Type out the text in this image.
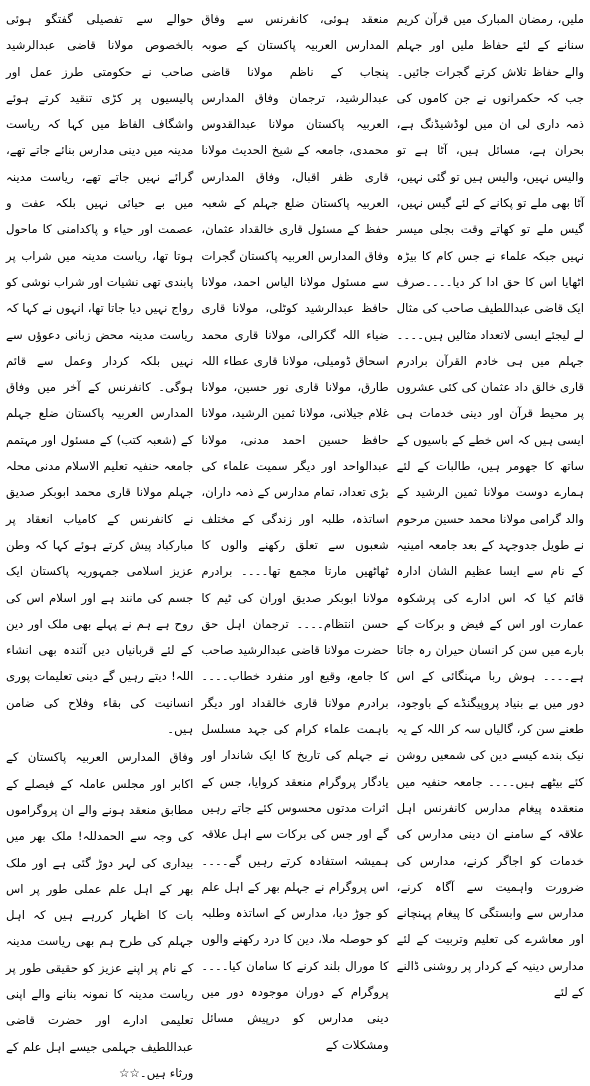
ملیں، رمضان المبارک میں قرآن کریم سنانے کے لئے حفاظ ملیں اور جہلم والے حفاظ تلاش کرتے گجرات جائیں۔ جب کہ حکمرانوں نے جن کاموں کی ذمہ داری لی ان میں لوڈشیڈنگ ہے، بحران ہے، مسائل ہیں، آٹا ہے تو والیس نہیں، والیس ہیں تو گئی نہیں، آٹا بھی ملے تو پکانے کے لئے گیس نہیں، گیس ملے تو کھاتے وقت بجلی میسر نہیں جبکہ علماء نے جس کام کا بیڑہ اٹھایا اس کا حق ادا کر دیا۔۔۔۔صرف ایک قاضی عبداللطیف صاحب کی مثال لے لیجئے ایسی لاتعداد مثالیں ہیں۔۔۔۔ جہلم میں ہی خادم القرآن برادرم قاری خالق داد عثمان کی کئی عشروں پر محیط قرآن اور دینی خدمات ہی ایسی ہیں کہ اس خطے کے باسیوں کے ساتھ کا جھومر ہیں، طالبات کے لئے ہمارے دوست مولانا ثمین الرشید کے والد گرامی مولانا محمد حسین مرحوم نے طویل جدوجہد کے بعد جامعہ امینیہ کے نام سے ایسا عظیم الشان ادارہ قائم کیا کہ اس ادارے کی پرشکوہ عمارت اور اس کے فیض و برکات کے بارے میں سن کر انسان حیران رہ جاتا ہے۔۔۔۔ ہوش ربا مہنگائی کے اس دور میں بے بنیاد پروپیگنڈے کے باوجود، طعنے سن کر، گالیاں سہ کر اللہ کے یہ نیک بندے کیسے دین کی شمعیں روشن کئے بیٹھے ہیں۔۔۔۔ جامعہ حنفیہ میں منعقدہ پیغام مدارس کانفرنس اہل علاقہ کے سامنے ان دینی مدارس کی خدمات کو اجاگر کرنے، مدارس کی ضرورت واہمیت سے آگاہ کرنے، مدارس سے وابستگی کا پیغام پہنچانے اور معاشرے کی تعلیم وتربیت کے لئے مدارس دینیہ کے کردار پر روشنی ڈالنے کے لئے

منعقد ہوئی، کانفرنس سے وفاق المدارس العربیہ پاکستان کے صوبہ پنجاب کے ناظم مولانا قاضی عبدالرشید، ترجمان وفاق المدارس العربیہ پاکستان مولانا عبدالقدوس محمدی، جامعہ کے شیخ الحدیث مولانا قاری ظفر اقبال، وفاق المدارس العربیہ پاکستان ضلع جہلم کے شعبہ حفظ کے مسئول قاری خالقداد عثمان، وفاق المدارس العربیہ پاکستان گجرات سے مسئول مولانا الیاس احمد، مولانا حافظ عبدالرشید کوٹلی، مولانا قاری ضیاء اللہ گکرالی، مولانا قاری محمد اسحاق ڈومیلی، مولانا قاری عطاء اللہ طارق، مولانا قاری نور حسین، مولانا غلام جیلانی، مولانا ثمین الرشید، مولانا حافظ حسین احمد مدنی، مولانا عبدالواحد اور دیگر سمیت علماء کی بڑی تعداد، تمام مدارس کے ذمہ داران، اساتذہ، طلبہ اور زندگی کے مختلف شعبوں سے تعلق رکھنے والوں کا ٹھاٹھیں مارتا مجمع تھا۔۔۔۔ برادرم مولانا ابوبکر صدیق اوران کی ٹیم کا حسن انتظام۔۔۔۔ ترجمان اہل حق حضرت مولانا قاضی عبدالرشید صاحب کا جامع، وقیع اور منفرد خطاب۔۔۔۔ برادرم مولانا قاری خالقداد اور دیگر باہمت علماء کرام کی جہد مسلسل نے جہلم کی تاریخ کا ایک شاندار اور یادگار پروگرام منعقد کروایا، جس کے اثرات مدتوں محسوس کئے جاتے رہیں گے اور جس کی برکات سے اہل علاقہ ہمیشہ استفادہ کرتے رہیں گے۔۔۔۔ اس پروگرام نے جہلم بھر کے اہل علم کو جوڑ دیا، مدارس کے اساتذہ وطلبہ کو حوصلہ ملا، دین کا درد رکھنے والوں کا مورال بلند کرنے کا سامان کیا۔۔۔۔ پروگرام کے دوران موجودہ دور میں دینی مدارس کو درپیش مسائل ومشکلات کے

حوالے سے تفصیلی گفتگو ہوئی بالخصوص مولانا قاضی عبدالرشید صاحب نے حکومتی طرز عمل اور پالیسیوں پر کڑی تنقید کرتے ہوئے واشگاف الفاظ میں کہا کہ ریاست مدینہ میں دینی مدارس بنائے جاتے تھے، گرائے نہیں جاتے تھے، ریاست مدینہ میں بے حیائی نہیں بلکہ عفت و عصمت اور حیاء و پاکدامنی کا ماحول ہوتا تھا، ریاست مدینہ میں شراب پر پابندی تھی نشیات اور شراب نوشی کو رواج نہیں دیا جاتا تھا، انہوں نے کہا کہ ریاست مدینہ محض زبانی دعوؤں سے نہیں بلکہ کردار وعمل سے قائم ہوگی۔ کانفرنس کے آخر میں وفاق المدارس العربیہ پاکستان ضلع جہلم کے (شعبہ کتب) کے مسئول اور مہتمم جامعہ حنفیہ تعلیم الاسلام مدنی محلہ جہلم مولانا قاری محمد ابوبکر صدیق نے کانفرنس کے کامیاب انعقاد پر مبارکباد پیش کرتے ہوئے کہا کہ وطن عزیز اسلامی جمہوریہ پاکستان ایک جسم کی مانند ہے اور اسلام اس کی روح ہے ہم نے پہلے بھی ملک اور دین کے لئے قربانیاں دیں آئندہ بھی انشاء اللہ! دیتے رہیں گے دینی تعلیمات پوری انسانیت کی بقاء وفلاح کی ضامن ہیں۔

وفاق المدارس العربیہ پاکستان کے اکابر اور مجلس عاملہ کے فیصلے کے مطابق منعقد ہونے والے ان پروگراموں کی وجہ سے الحمدللہ! ملک بھر میں بیداری کی لہر دوڑ گئی ہے اور ملک بھر کے اہل علم عملی طور پر اس بات کا اظہار کررہے ہیں کہ اہل جہلم کی طرح ہم بھی ریاست مدینہ کے نام پر اپنے عزیز کو حقیقی طور پر ریاست مدینہ کا نمونہ بنانے والے اپنی تعلیمی ادارے اور حضرت قاضی عبداللطیف جہلمی جیسے اہل علم کے ورثاء ہیں۔☆☆
